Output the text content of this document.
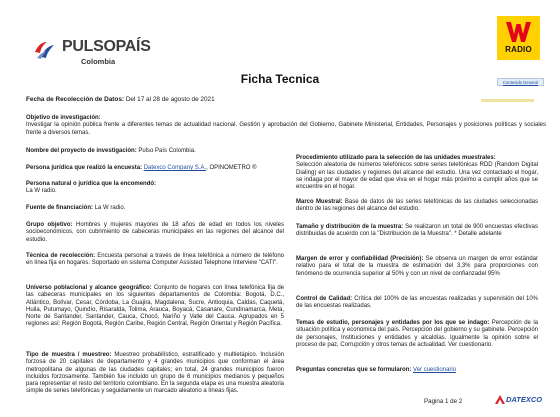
PULSOPAÍS
Colombia
RADIO
Ficha Tecnica	Contenido General
Fecha de Recolección de Datos: Del 17 al 28 de agosto de 2021
Objetivo de investigación:
Investigar la opinión pública frente a diferentes temas de actualidad nacional. Gestión y aprobación del Gobierno, Gabinete Ministerial, Entidades, Personajes y posiciones políticas y sociales frente a diversos temas.
Nombre del proyecto de investigación: Pulso País Colombia.
Persona jurídica que realizó la encuesta: Datexco Company S.A., OPINOMETRO ®
Persona natural o jurídica que la encomendó:
La W radio.
Fuente de financiación: La W radio.
Grupo objetivo: Hombres y mujeres mayores de 18 años de edad en todos los niveles socioeconómicos, con cubrimiento de cabeceras municipales en las regiones del alcance del estudio.
Técnica de recolección: Encuesta personal a través de línea telefónica a número de teléfono en línea fija en hogares. Soportado en sistema Computer Assisted Telephone Interview "CATI".
Universo poblacional y alcance geográfico: Conjunto de hogares con línea telefónica fija de las cabeceras municipales en los siguientes departamentos de Colombia: Bogotá, D.C., Atlántico, Bolívar, Cesar, Córdoba, La Guajira, Magdalena, Sucre, Antioquia, Caldas, Caquetá, Huila, Putumayo, Quindío, Risaralda, Tolima, Arauca, Boyacá, Casanare, Cundinamarca, Meta, Norte de Santander, Santander, Cauca, Chocó, Nariño y Valle del Cauca. Agrupados en 5 regiones así: Región Bogotá, Región Caribe, Región Central, Región Oriental y Región Pacífica.
Tipo de muestra / muestreo: Muestreo probabilístico, estratificado y multietápico. Inclusión forzosa de 20 capitales de departamento y 4 grandes municipios que conforman el área metropolitana de algunas de las ciudades capitales; en total, 24 grandes municipios fueron incluidos forzosamente. También fue incluido un grupo de 6 municipios medianos y pequeños para representar el resto del territorio colombiano. En la segunda etapa es una muestra aleatoria simple de series telefónicas y seguidamente un marcado aleatorio a líneas fijas.
Procedimiento utilizado para la selección de las unidades muestrales:
Selección aleatoria de números telefónicos sobre series telefónicas RDD (Random Digital Dialing) en las ciudades y regiones del alcance del estudio. Una vez contactado el hogar, se indaga por el mayor de edad que viva en el hogar más próximo a cumplir años que se encuentre en el hogar.
Marco Muestral: Base de datos de las series telefónicas de las ciudades seleccionadas dentro de las regiones del alcance del estudio.
Tamaño y distribución de la muestra: Se realizaron un total de 900 encuestas efectivas distribuidas de acuerdo con la "Distribución de la Muestra". * Detalle adelante
Margen de error y confiabilidad (Precisión): Se observa un margen de error estándar relativo para el total de la muestra de estimación del 3,3% para proporciones con fenómeno de ocurrencia superior al 50% y con un nivel de confianzadel 95%
Control de Calidad: Crítica del 100% de las encuestas realizadas y supervisión del 10% de las encuestas realizadas.
Temas de estudio, personajes y entidades por los que se indago: Percepción de la situación política y económica del país. Percepción del gobierno y su gabinete. Percepción de personajes, Instituciones y entidades y alcaldías. Igualmente la opinión sobre el proceso de paz, Corrupción y otros temas de actualidad. Ver cuestionario.
Preguntas concretas que se formularon: Ver cuestionario
Pagina 1 de 2	DATEXCO
